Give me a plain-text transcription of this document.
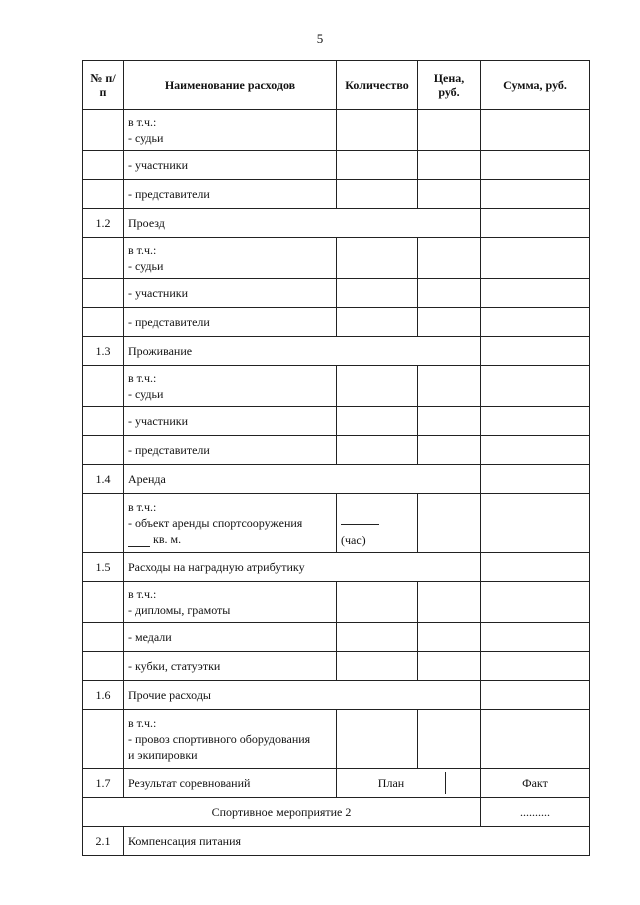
5
№ п/п	Наименование расходов	Количество	Цена, руб.	Сумма, руб.

	в т.ч.:
- судьи			

	- участники			
	- представители			
1.2	Проезд			

	в т.ч.:
- судьи			

	- участники			
	- представители			
1.3	Проживание			

	в т.ч.:
- судьи			

	- участники			
	- представители			
1.4	Аренда			

	в т.ч.:
- объект аренды спортсооружения
кв. м.	(час)		

1.5	Расходы на наградную атрибутику			

	в т.ч.:
- дипломы, грамоты			

	- медали			
	- кубки, статуэтки			
1.6	Прочие расходы			

	в т.ч.:
- провоз спортивного оборудования
и экипировки			

1.7	Результат соревнований	План		Факт
Спортивное мероприятие 2				..........
2.1	Компенсация питания			
